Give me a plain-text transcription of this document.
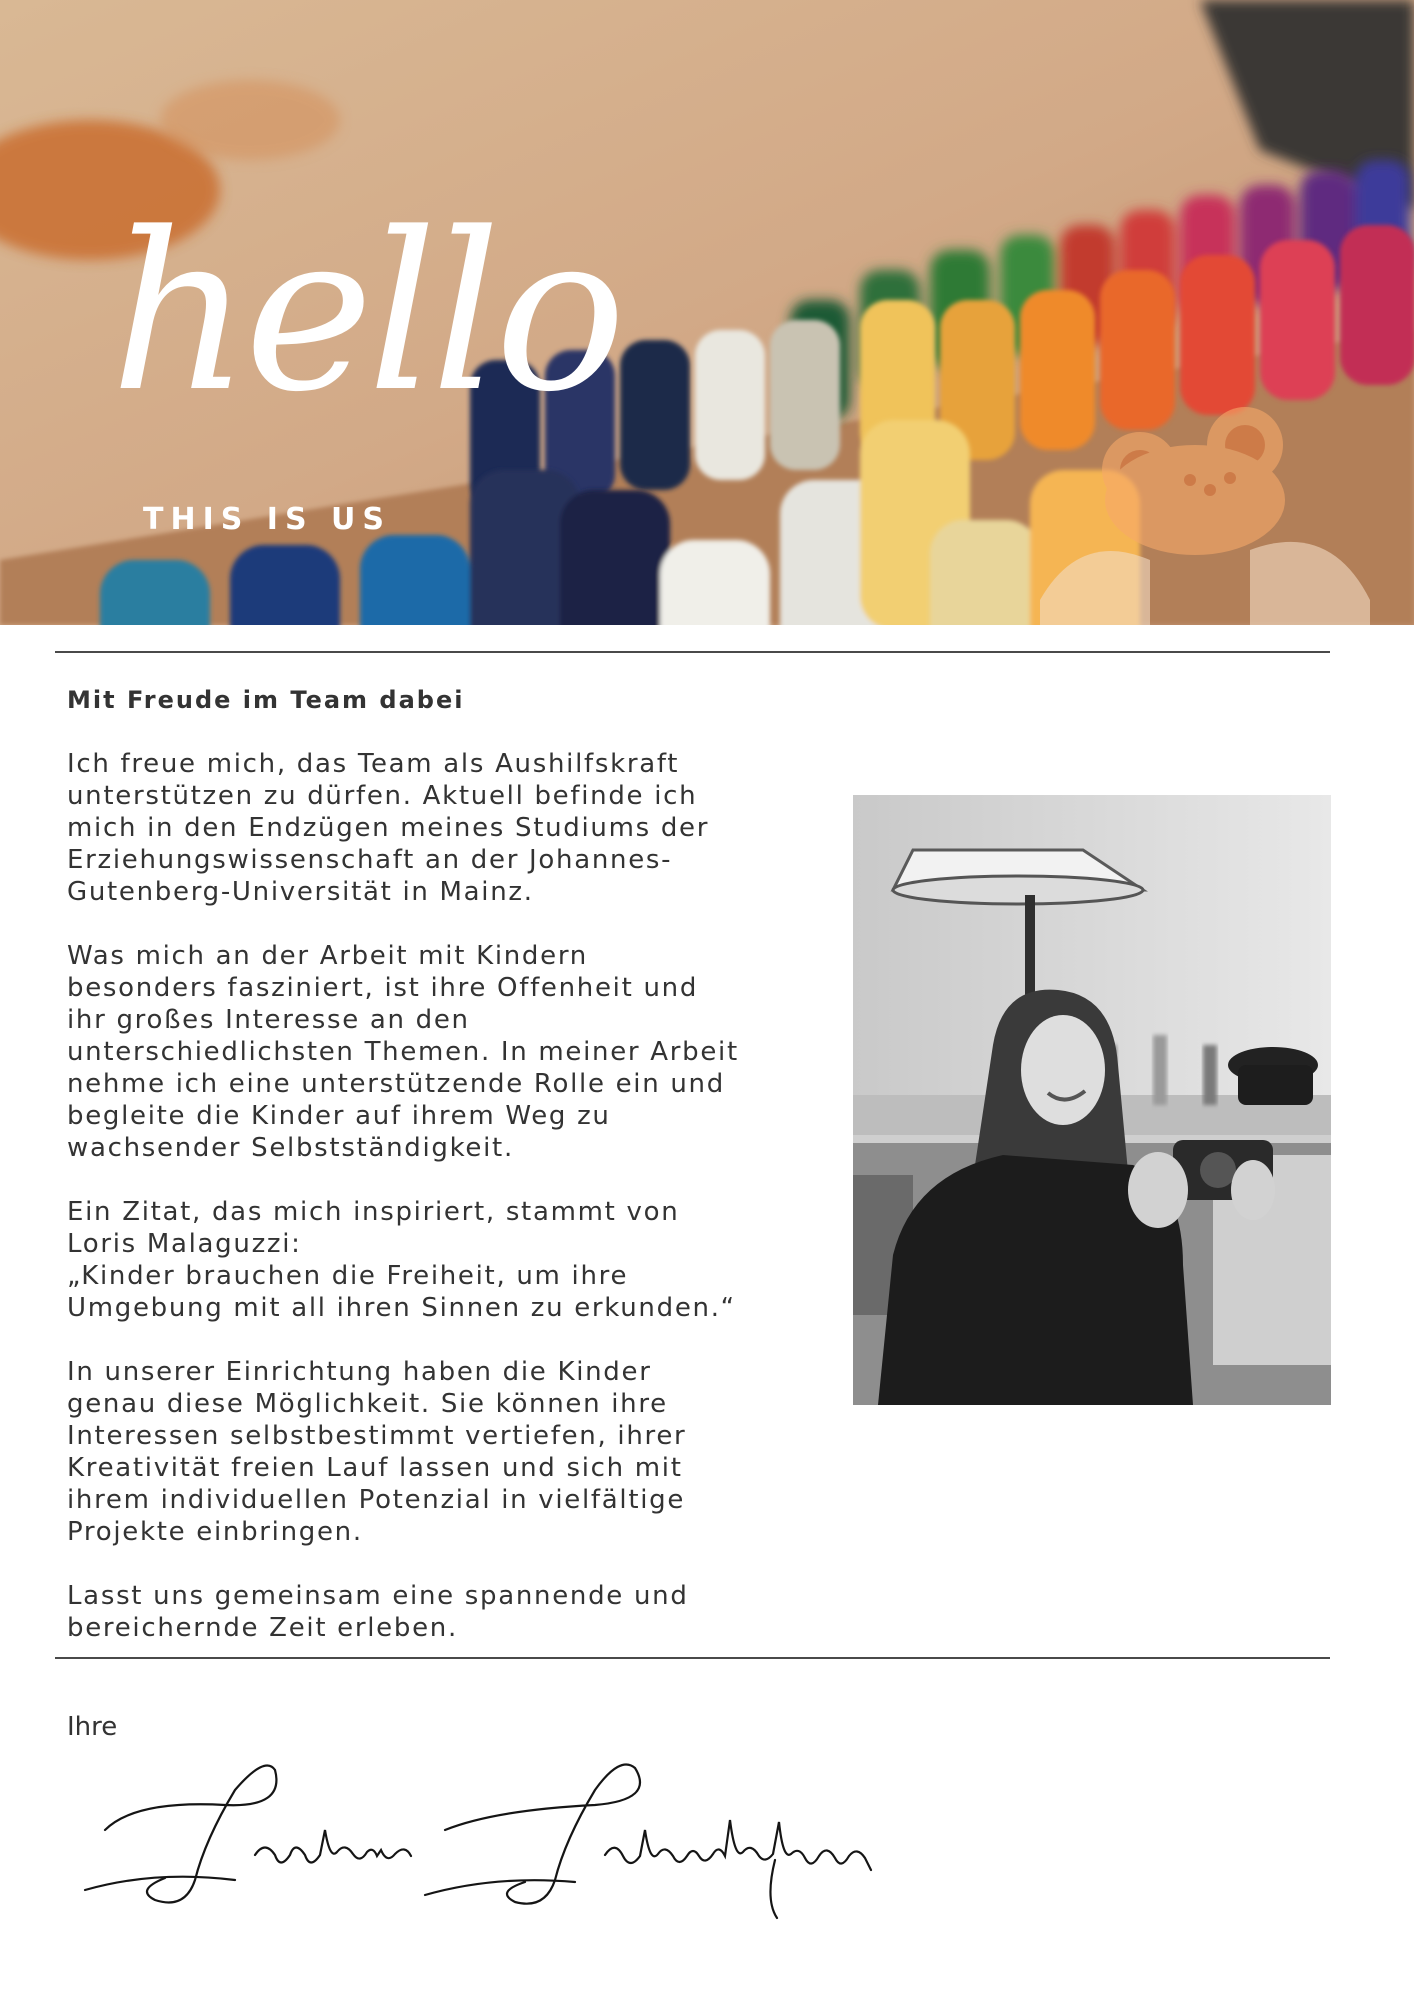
hello
THIS IS US
Mit Freude im Team dabei

Ich freue mich, das Team als Aushilfskraft
unterstützen zu dürfen. Aktuell befinde ich
mich in den Endzügen meines Studiums der
Erziehungswissenschaft an der Johannes-
Gutenberg-Universität in Mainz.

Was mich an der Arbeit mit Kindern
besonders fasziniert, ist ihre Offenheit und
ihr großes Interesse an den
unterschiedlichsten Themen. In meiner Arbeit
nehme ich eine unterstützende Rolle ein und
begleite die Kinder auf ihrem Weg zu
wachsender Selbstständigkeit.

Ein Zitat, das mich inspiriert, stammt von
Loris Malaguzzi:
„Kinder brauchen die Freiheit, um ihre
Umgebung mit all ihren Sinnen zu erkunden.“

In unserer Einrichtung haben die Kinder
genau diese Möglichkeit. Sie können ihre
Interessen selbstbestimmt vertiefen, ihrer
Kreativität freien Lauf lassen und sich mit
ihrem individuellen Potenzial in vielfältige
Projekte einbringen.

Lasst uns gemeinsam eine spannende und
bereichernde Zeit erleben.

Ihre
